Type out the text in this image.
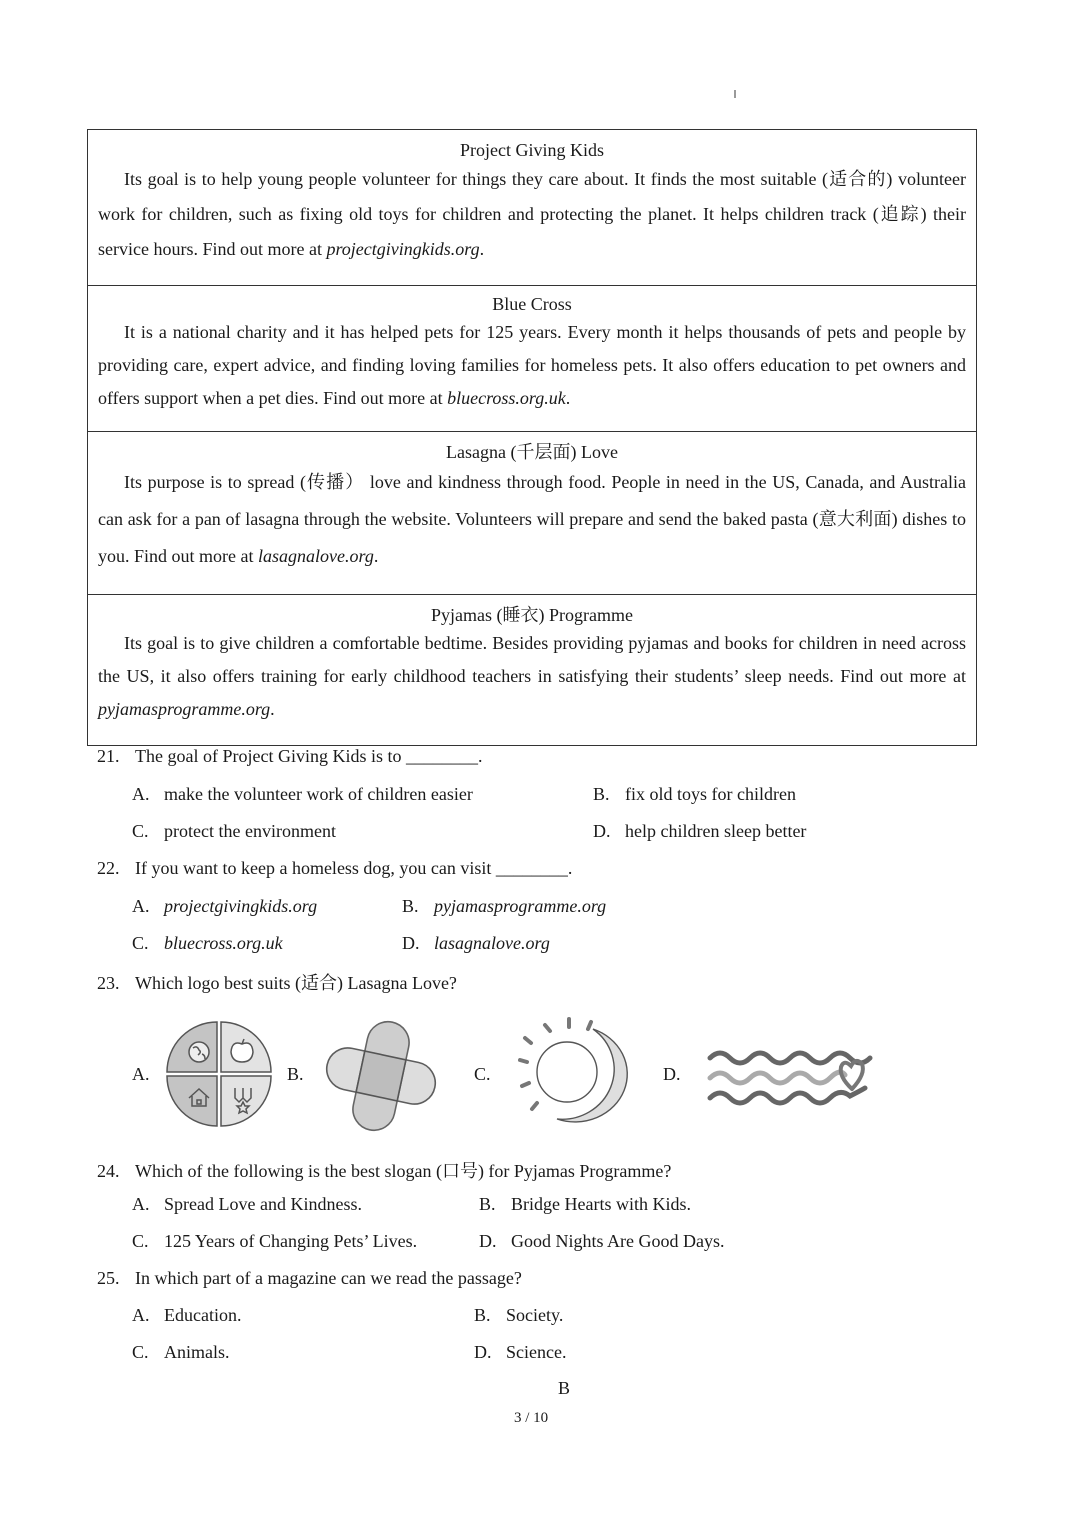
Project Giving Kids

Its goal is to help young people volunteer for things they care about. It finds the most suitable (适合的) volunteer work for children, such as fixing old toys for children and protecting the planet. It helps children track (追踪) their service hours. Find out more at projectgivingkids.org.

Blue Cross

It is a national charity and it has helped pets for 125 years. Every month it helps thousands of pets and people by providing care, expert advice, and finding loving families for homeless pets. It also offers education to pet owners and offers support when a pet dies. Find out more at bluecross.org.uk.

Lasagna (千层面) Love

Its purpose is to spread (传播） love and kindness through food. People in need in the US, Canada, and Australia can ask for a pan of lasagna through the website. Volunteers will prepare and send the baked pasta (意大利面) dishes to you. Find out more at lasagnalove.org.

Pyjamas (睡衣) Programme

Its goal is to give children a comfortable bedtime. Besides providing pyjamas and books for children in need across the US, it also offers training for early childhood teachers in satisfying their students’ sleep needs. Find out more at pyjamasprogramme.org.

21. The goal of Project Giving Kids is to ________.
A. make the volunteer work of children easier	B. fix old toys for children
C. protect the environment	D. help children sleep better
22. If you want to keep a homeless dog, you can visit ________.
A. projectgivingkids.org	B. pyjamasprogramme.org
C. bluecross.org.uk	D. lasagnalove.org
23. Which logo best suits (适合) Lasagna Love?
A.	B.	C.	D.
24. Which of the following is the best slogan (口号) for Pyjamas Programme?
A. Spread Love and Kindness.	B. Bridge Hearts with Kids.
C. 125 Years of Changing Pets’ Lives.	D. Good Nights Are Good Days.
25. In which part of a magazine can we read the passage?
A. Education.	B. Society.
C. Animals.	D. Science.
B
3 / 10
